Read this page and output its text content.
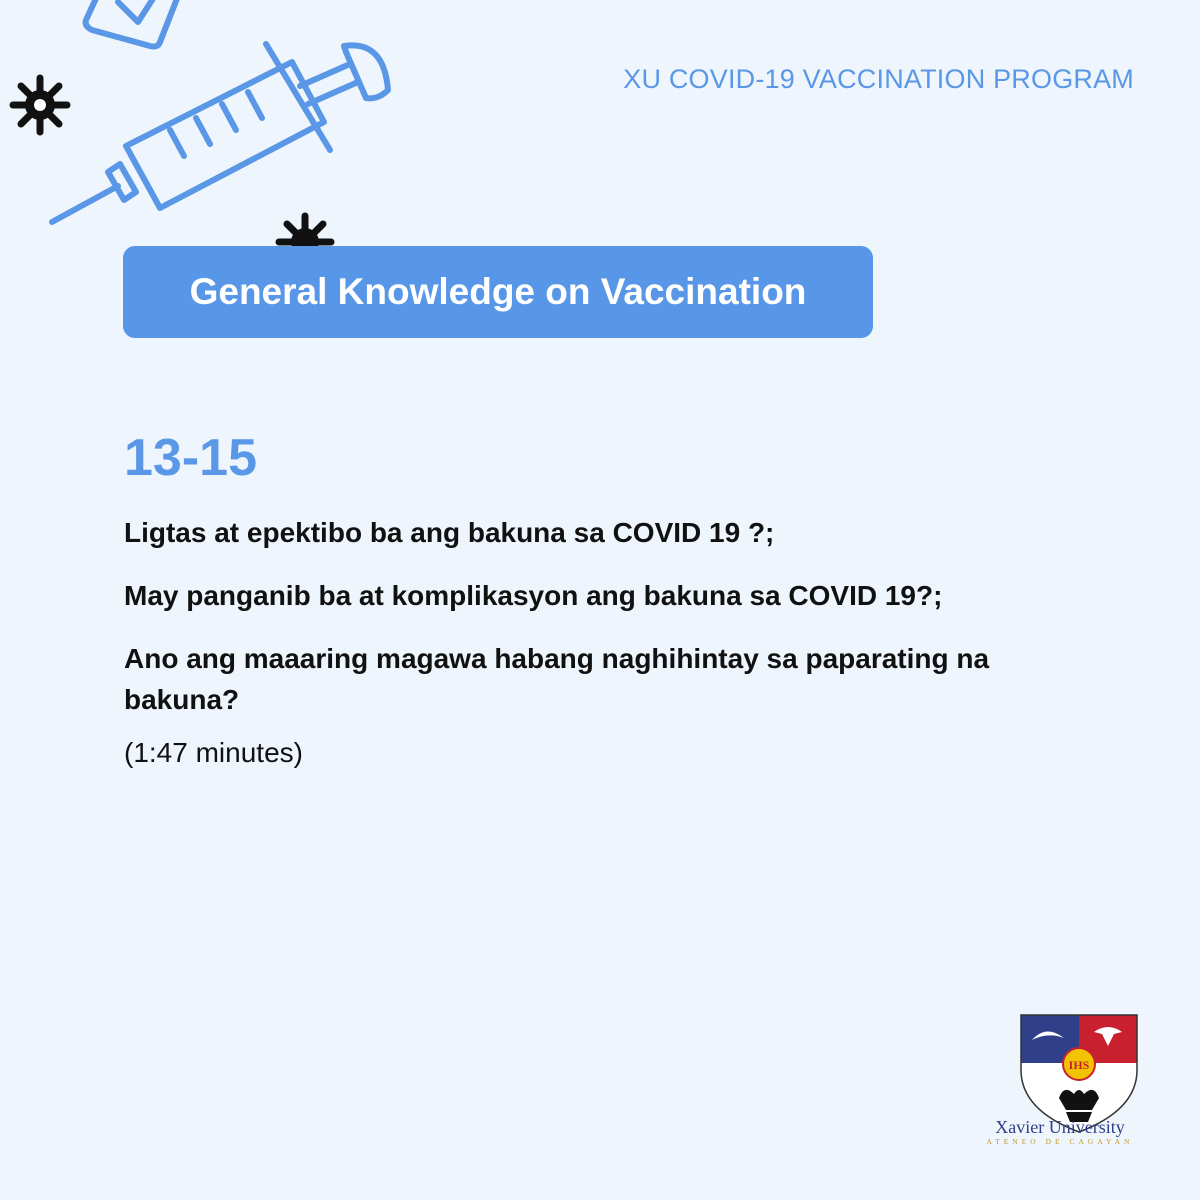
XU COVID-19 VACCINATION PROGRAM
General Knowledge on Vaccination
13-15
Ligtas at epektibo ba ang bakuna sa COVID 19 ?;
May panganib ba at komplikasyon ang bakuna sa COVID 19?;
Ano ang maaaring magawa habang naghihintay sa paparating na bakuna?
(1:47 minutes)
IHS
Xavier University
ATENEO DE CAGAYAN
